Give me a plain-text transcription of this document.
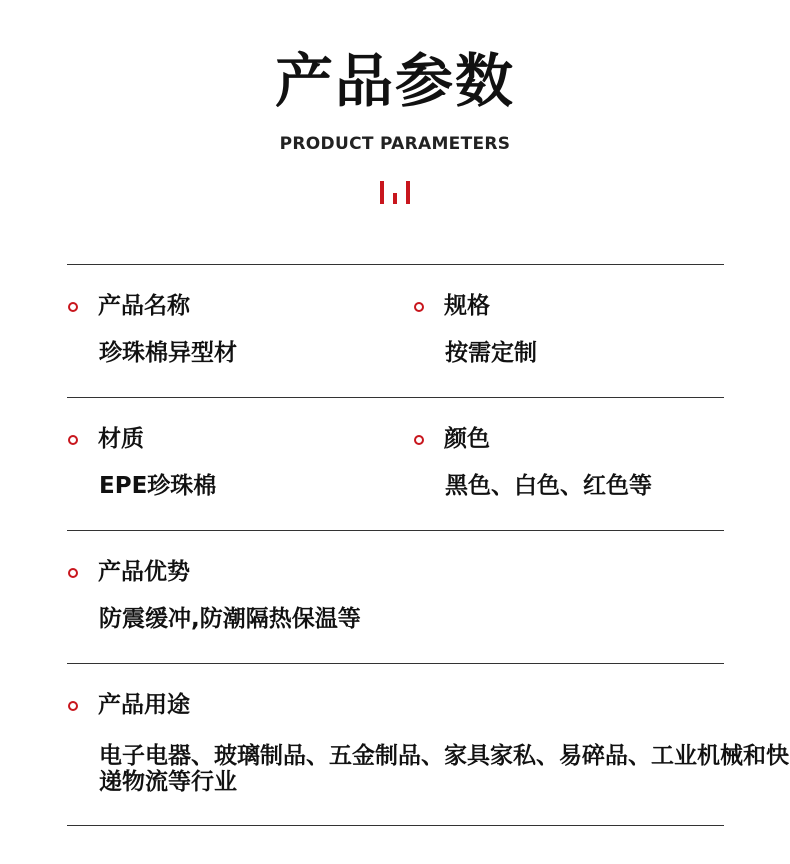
产品参数
PRODUCT PARAMETERS
产品名称
珍珠棉异型材
规格
按需定制
材质
EPE珍珠棉
颜色
黑色、白色、红色等
产品优势
防震缓冲,防潮隔热保温等
产品用途
电子电器、玻璃制品、五金制品、家具家私、易碎品、工业机械和快递物流等行业
